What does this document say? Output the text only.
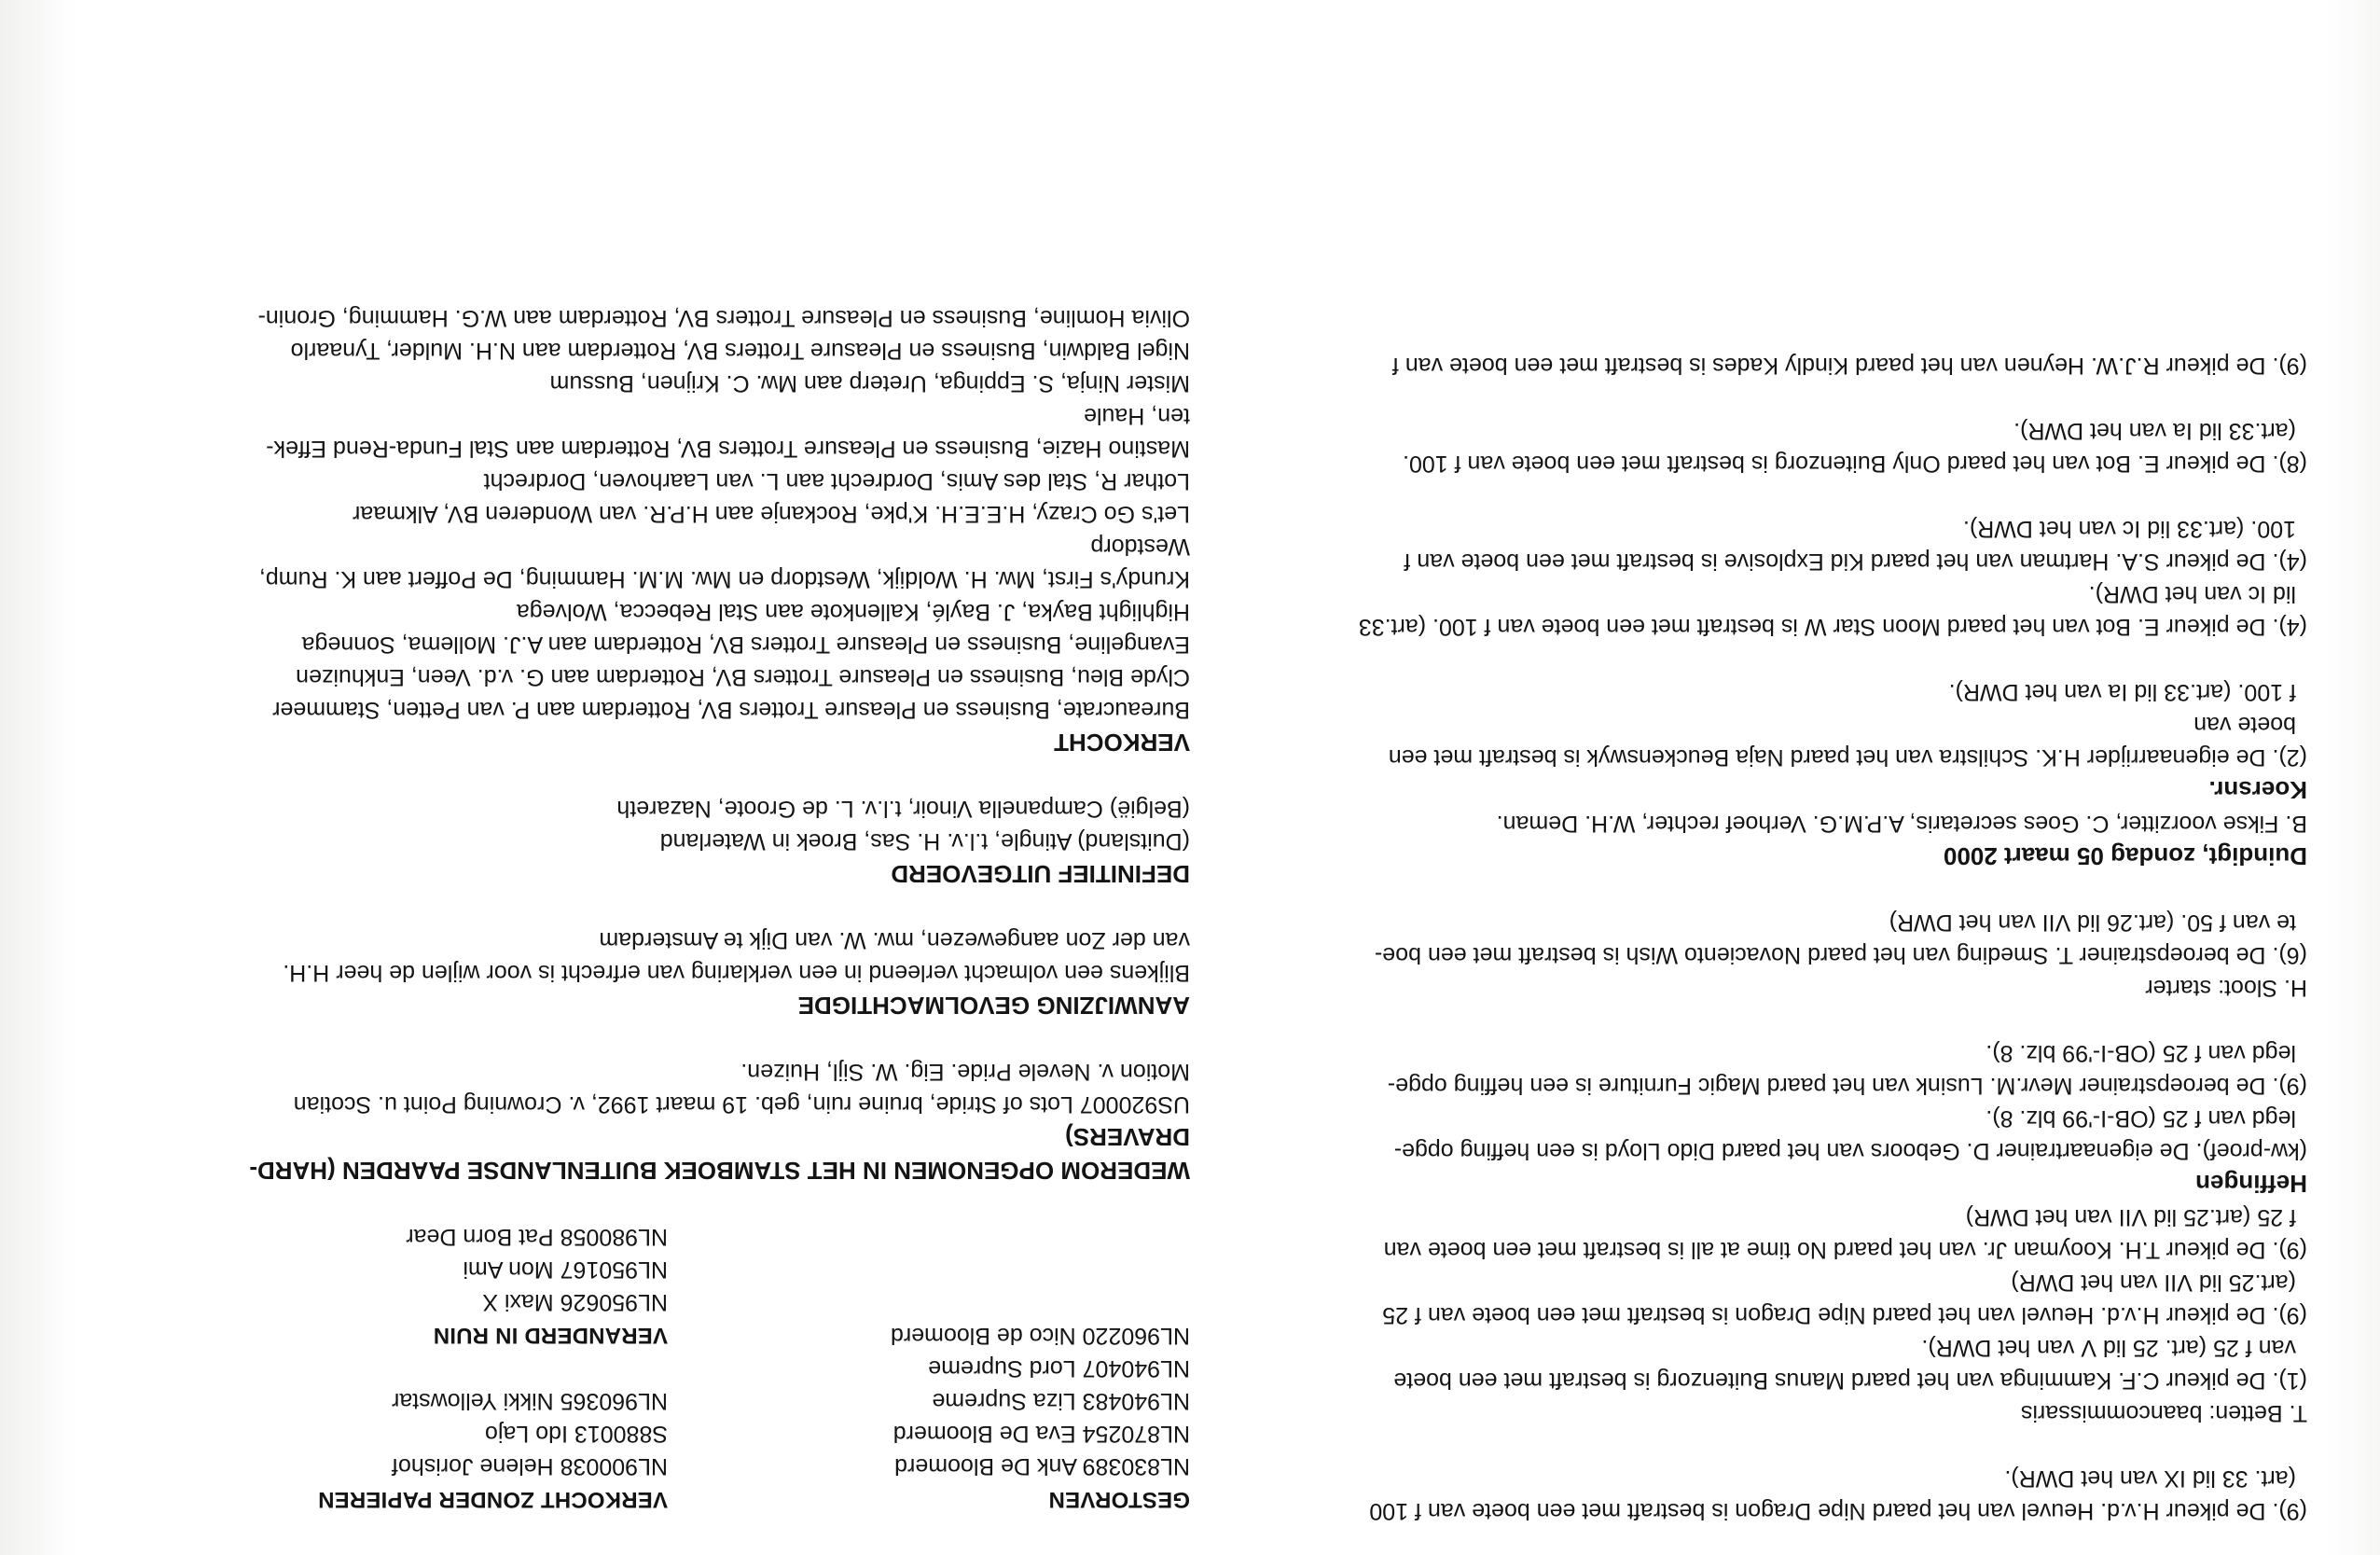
(9). De pikeur H.v.d. Heuvel van het paard Nipe Dragon is bestraft met een boete van f 100

(art. 33 lid IX van het DWR).

T. Betten: baancommissaris

(1). De pikeur C.F. Kamminga van het paard Manus Buitenzorg is bestraft met een boete

van f 25 (art. 25 lid V van het DWR).

(9). De pikeur H.v.d. Heuvel van het paard Nipe Dragon is bestraft met een boete van f 25

(art.25 lid VII van het DWR)

(9). De pikeur T.H. Kooyman Jr. van het paard No time at all is bestraft met een boete van

f 25 (art.25 lid VII van het DWR)

Heffingen

(kw-proef). De eigenaartrainer D. Geboors van het paard Dido Lloyd is een heffing opge-

legd van f 25 (OB-I-'99 blz. 8).

(9). De beroepstrainer Mevr.M. Lusink van het paard Magic Furniture is een heffing opge-

legd van f 25 (OB-I-'99 blz. 8).

H. Sloot: starter

(6). De beroepstrainer T. Smeding van het paard Novaciento Wish is bestraft met een boe-

te van f 50. (art.26 lid VII van het DWR)

Duindigt, zondag 05 maart 2000

B. Fikse voorzitter, C. Goes secretaris, A.P.M.G. Verhoef rechter, W.H. Deman.

Koersnr.

(2). De eigenaarrijder H.K. Schilstra van het paard Naja Beuckenswyk is bestraft met een

boete van

f 100. (art.33 lid Ia van het DWR).

(4). De pikeur E. Bot van het paard Moon Star W is bestraft met een boete van f 100. (art.33

lid Ic van het DWR).

(4). De pikeur S.A. Hartman van het paard Kid Explosive is bestraft met een boete van f

100. (art.33 lid Ic van het DWR).

(8). De pikeur E. Bot van het paard Only Buitenzorg is bestraft met een boete van f 100.

(art.33 lid Ia van het DWR).

(9). De pikeur R.J.W. Heynen van het paard Kindly Kades is bestraft met een boete van f

GESTORVEN

NL830389 Ank De Bloomerd

NL870254 Eva De Bloomerd

NL940483 Liza Supreme

NL940407 Lord Supreme

NL960220 Nico de Bloomerd

VERKOCHT ZONDER PAPIEREN

NL900038 Helene Jorishof

S880013 Ido Lajo

NL960365 Nikki Yellowstar

VERANDERD IN RUIN

NL950626 Maxi X

NL950167 Mon Ami

NL980058 Pat Born Dear

WEDEROM OPGENOMEN IN HET STAMBOEK BUITENLANDSE PAARDEN (HARD-

DRAVERS)

US920007 Lots of Stride, bruine ruin, geb. 19 maart 1992, v. Crowning Point u. Scotian

Motion v. Nevele Pride. Eig. W. Sijl, Huizen.

AANWIJZING GEVOLMACHTIGDE

Blijkens een volmacht verleend in een verklaring van erfrecht is voor wijlen de heer H.H.

van der Zon aangewezen, mw. W. van Dijk te Amsterdam

DEFINITIEF UITGEVOERD

(Duitsland) Atingle, t.l.v. H. Sas, Broek in Waterland

(België) Campanella Vinoir, t.l.v. L. de Groote, Nazareth

VERKOCHT

Bureaucrate, Business en Pleasure Trotters BV, Rotterdam aan P. van Petten, Stammeer

Clyde Bleu, Business en Pleasure Trotters BV, Rotterdam aan G. v.d. Veen, Enkhuizen

Evangeline, Business en Pleasure Trotters BV, Rotterdam aan A.J. Mollema, Sonnega

Highlight Bayka, J. Baylé, Kallenkote aan Stal Rebecca, Wolvega

Krundy's First, Mw. H. Woldijk, Westdorp en Mw. M.M. Hamming, De Poffert aan K. Rump,

Westdorp

Let's Go Crazy, H.E.E.H. K'pke, Rockanje aan H.P.R. van Wonderen BV, Alkmaar

Lothar R, Stal des Amis, Dordrecht aan L. van Laarhoven, Dordrecht

Mastino Hazie, Business en Pleasure Trotters BV, Rotterdam aan Stal Funda-Rend Effek-

ten, Haule

Mister Ninja, S. Eppinga, Ureterp aan Mw. C. Krijnen, Bussum

Nigel Baldwin, Business en Pleasure Trotters BV, Rotterdam aan N.H. Mulder, Tynaarlo

Olivia Homline, Business en Pleasure Trotters BV, Rotterdam aan W.G. Hamming, Gronin-
